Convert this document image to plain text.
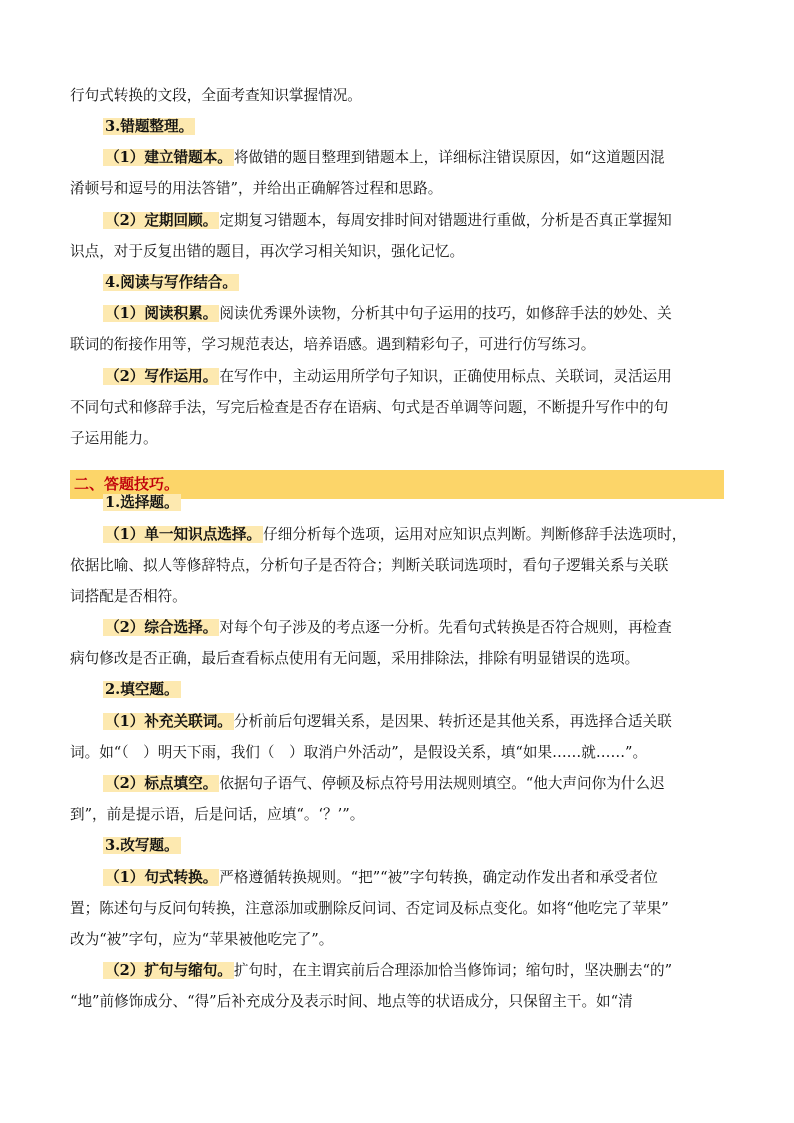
二、答题技巧。
行句式转换的文段，全面考查知识掌握情况。
3.错题整理。
（1）建立错题本。 将做错的题目整理到错题本上，详细标注错误原因，如“这道题因混
淆顿号和逗号的用法答错”，并给出正确解答过程和思路。
（2）定期回顾。 定期复习错题本，每周安排时间对错题进行重做，分析是否真正掌握知
识点，对于反复出错的题目，再次学习相关知识，强化记忆。
4.阅读与写作结合。
（1）阅读积累。 阅读优秀课外读物，分析其中句子运用的技巧，如修辞手法的妙处、关
联词的衔接作用等，学习规范表达，培养语感。遇到精彩句子，可进行仿写练习。
（2）写作运用。 在写作中，主动运用所学句子知识，正确使用标点、关联词，灵活运用
不同句式和修辞手法，写完后检查是否存在语病、句式是否单调等问题，不断提升写作中的句
子运用能力。
1.选择题。
（1）单一知识点选择。 仔细分析每个选项，运用对应知识点判断。判断修辞手法选项时，
依据比喻、拟人等修辞特点，分析句子是否符合；判断关联词选项时，看句子逻辑关系与关联
词搭配是否相符。
（2）综合选择。 对每个句子涉及的考点逐一分析。先看句式转换是否符合规则，再检查
病句修改是否正确，最后查看标点使用有无问题，采用排除法，排除有明显错误的选项。
2.填空题。
（1）补充关联词。 分析前后句逻辑关系，是因果、转折还是其他关系，再选择合适关联
词。如“（　）明天下雨，我们（　）取消户外活动”，是假设关系，填“如果……就……”。
（2）标点填空。 依据句子语气、停顿及标点符号用法规则填空。“他大声问你为什么迟
到”，前是提示语，后是问话，应填“。‘？’”。
3.改写题。
（1）句式转换。 严格遵循转换规则。“把”“被”字句转换，确定动作发出者和承受者位
置；陈述句与反问句转换，注意添加或删除反问词、否定词及标点变化。如将“他吃完了苹果”
改为“被”字句，应为“苹果被他吃完了”。
（2）扩句与缩句。 扩句时，在主谓宾前后合理添加恰当修饰词；缩句时，坚决删去“的”
“地”前修饰成分、“得”后补充成分及表示时间、地点等的状语成分，只保留主干。如“清
